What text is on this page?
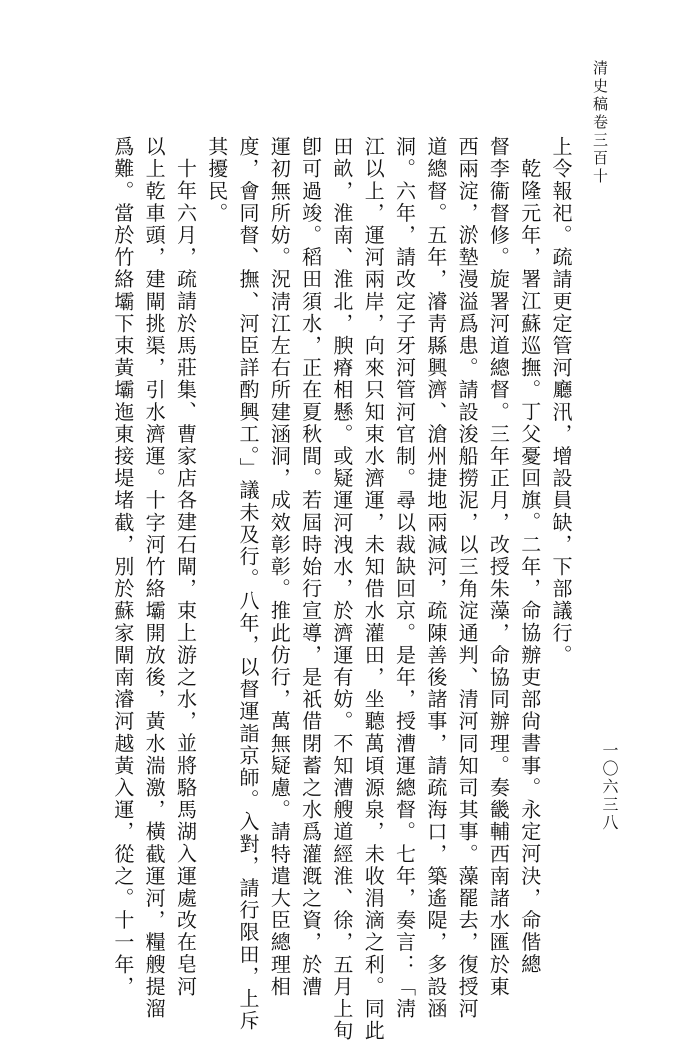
清史稿卷三百十
一〇六三八
上令報祀。疏請更定管河廳汛，增設員缺，下部議行。
乾隆元年，署江蘇巡撫。丁父憂回旗。二年，命協辦吏部尙書事。永定河決，命偕總
督李衞督修。旋署河道總督。三年正月，改授朱藻，命協同辦理。奏畿輔西南諸水匯於東
西兩淀，淤墊漫溢爲患。請設浚船撈泥，以三角淀通判、清河同知司其事。藻罷去，復授河
道總督。五年，濬靑縣興濟、滄州捷地兩減河，疏陳善後諸事，請疏海口，築遙隄，多設涵
洞。六年，請改定子牙河管河官制。尋以裁缺回京。是年，授漕運總督。七年，奏言：「淸
江以上，運河兩岸，向來只知束水濟運，未知借水灌田，坐聽萬頃源泉，未收涓滴之利。同此
田畝，淮南、淮北，腴瘠相懸。或疑運河洩水，於濟運有妨。不知漕艘道經淮、徐，五月上旬
卽可過竣。稻田須水，正在夏秋間。若屆時始行宣導，是祇借閉蓄之水爲灌漑之資，於漕
運初無所妨。況淸江左右所建涵洞，成效彰彰。推此仿行，萬無疑慮。請特遣大臣總理相
度，會同督、撫、河臣詳酌興工。」議未及行。八年，以督運詣京師。入對，請行限田，上斥
其擾民。
十年六月，疏請於馬莊集、曹家店各建石閘，束上游之水，並將駱馬湖入運處改在皂河
以上乾車頭，建閘挑渠，引水濟運。十字河竹絡壩開放後，黃水湍激，橫截運河，糧艘提溜
爲難。當於竹絡壩下束黃壩迤東接堤堵截，別於蘇家閘南濬河越黃入運，從之。十一年，
